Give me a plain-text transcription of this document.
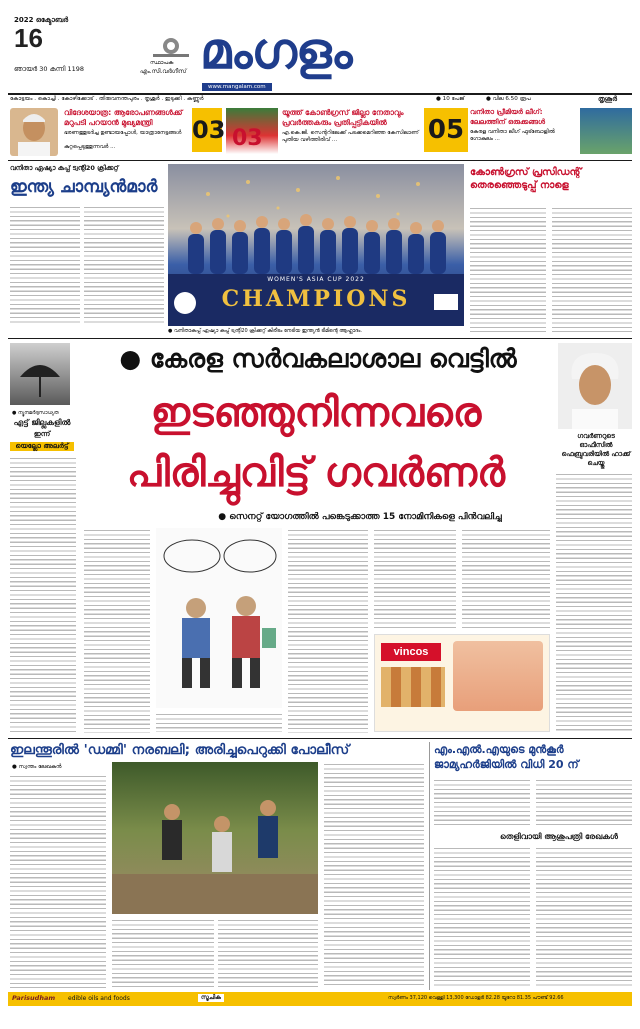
2022 ഒക്ടോബർ
16
ഞായർ 30 കന്നി 1198
സ്ഥാപക
എം.സി.വർഗീസ് മംഗളം
www.mangalam.com
കോട്ടയം . കൊച്ചി . കോഴിക്കോട് . തിരുവനന്തപുരം . തൃശൂർ . ഇടുക്കി . കണ്ണൂർ	● 10 പേജ്	● വില 6.50 രൂപ	തൃശൂർ
വിദേശയാത്ര: ആരോപണങ്ങൾക്ക് മറുപടി പറയാൻ മുഖ്യമന്ത്രി
ഭരണത്തുടർച്ച ഉണ്ടായപ്പോൾ, യാത്രാനേട്ടങ്ങൾ
കുറ്റപ്പെടുത്തുന്നവർ ...
03 03
യൂത്ത് കോൺഗ്രസ് ജില്ലാ നേതാവും പ്രവർത്തകരും പ്രതിപ്പട്ടികയിൽ
എ.കെ.ജി. സെന്ററിലേക്ക് പടക്കമെറിഞ്ഞ കേസിലാണ്
പുതിയ വഴിത്തിരിവ് ...	05
വനിതാ പ്രീമിയർ ലീഗ്: ലേലത്തിന് ഒരുക്കങ്ങൾ
കേരള വനിതാ ലീഗ് ഫുട്ബോളിൽ
ഗോകുലം ...
വനിതാ ഏഷ്യാ കപ്പ് ട്വന്റി20 ക്രിക്കറ്റ്
ഇന്ത്യ ചാമ്പ്യൻമാർ
WOMEN'S ASIA CUP 2022
CHAMPIONS
● വനിതാകപ്പ് ഏഷ്യാ കപ്പ് ട്വന്റി20 ക്രിക്കറ്റ് കിരീടം നേടിയ ഇന്ത്യൻ ടീമിന്റെ ആഹ്ലാദം.
കോൺഗ്രസ് പ്രസിഡന്റ് തെരഞ്ഞെടുപ്പ് നാളെ
● ന്യൂനമർദ്ദസാധ്യത
എട്ട് ജില്ലകളിൽ
ഇന്ന്
യെല്ലോ അലർട്ട്
● കേരള സർവകലാശാല വെട്ടിൽ
ഇടഞ്ഞുനിന്നവരെ
പിരിച്ചുവിട്ട് ഗവർണർ
● സെനറ്റ് യോഗത്തിൽ പങ്കെടുക്കാത്ത 15 നോമിനികളെ പിൻവലിച്ചു
ഗവർണറുടെ ഓഫീസിൽ ഫെബ്രുവരിയിൽ ഹാക്ക് ചെയ്തു
vincos
ഇലന്തൂരിൽ 'ഡമ്മി' നരബലി; അരിച്ചുപെറുക്കി പോലീസ്
● സ്വന്തം ലേഖകൻ
എം.എൽ.എയുടെ മുൻകൂർ ജാമ്യഹർജിയിൽ വിധി 20 ന്
തെളിവായി ആശുപത്രി രേഖകൾ
Parisudham edible oils and foods	സൂചിക	സ്വർണം 37,120 വെള്ളി 13,300 ഡോളർ 82.28 യൂറോ 81.35 പൗണ്ട് 92.66
